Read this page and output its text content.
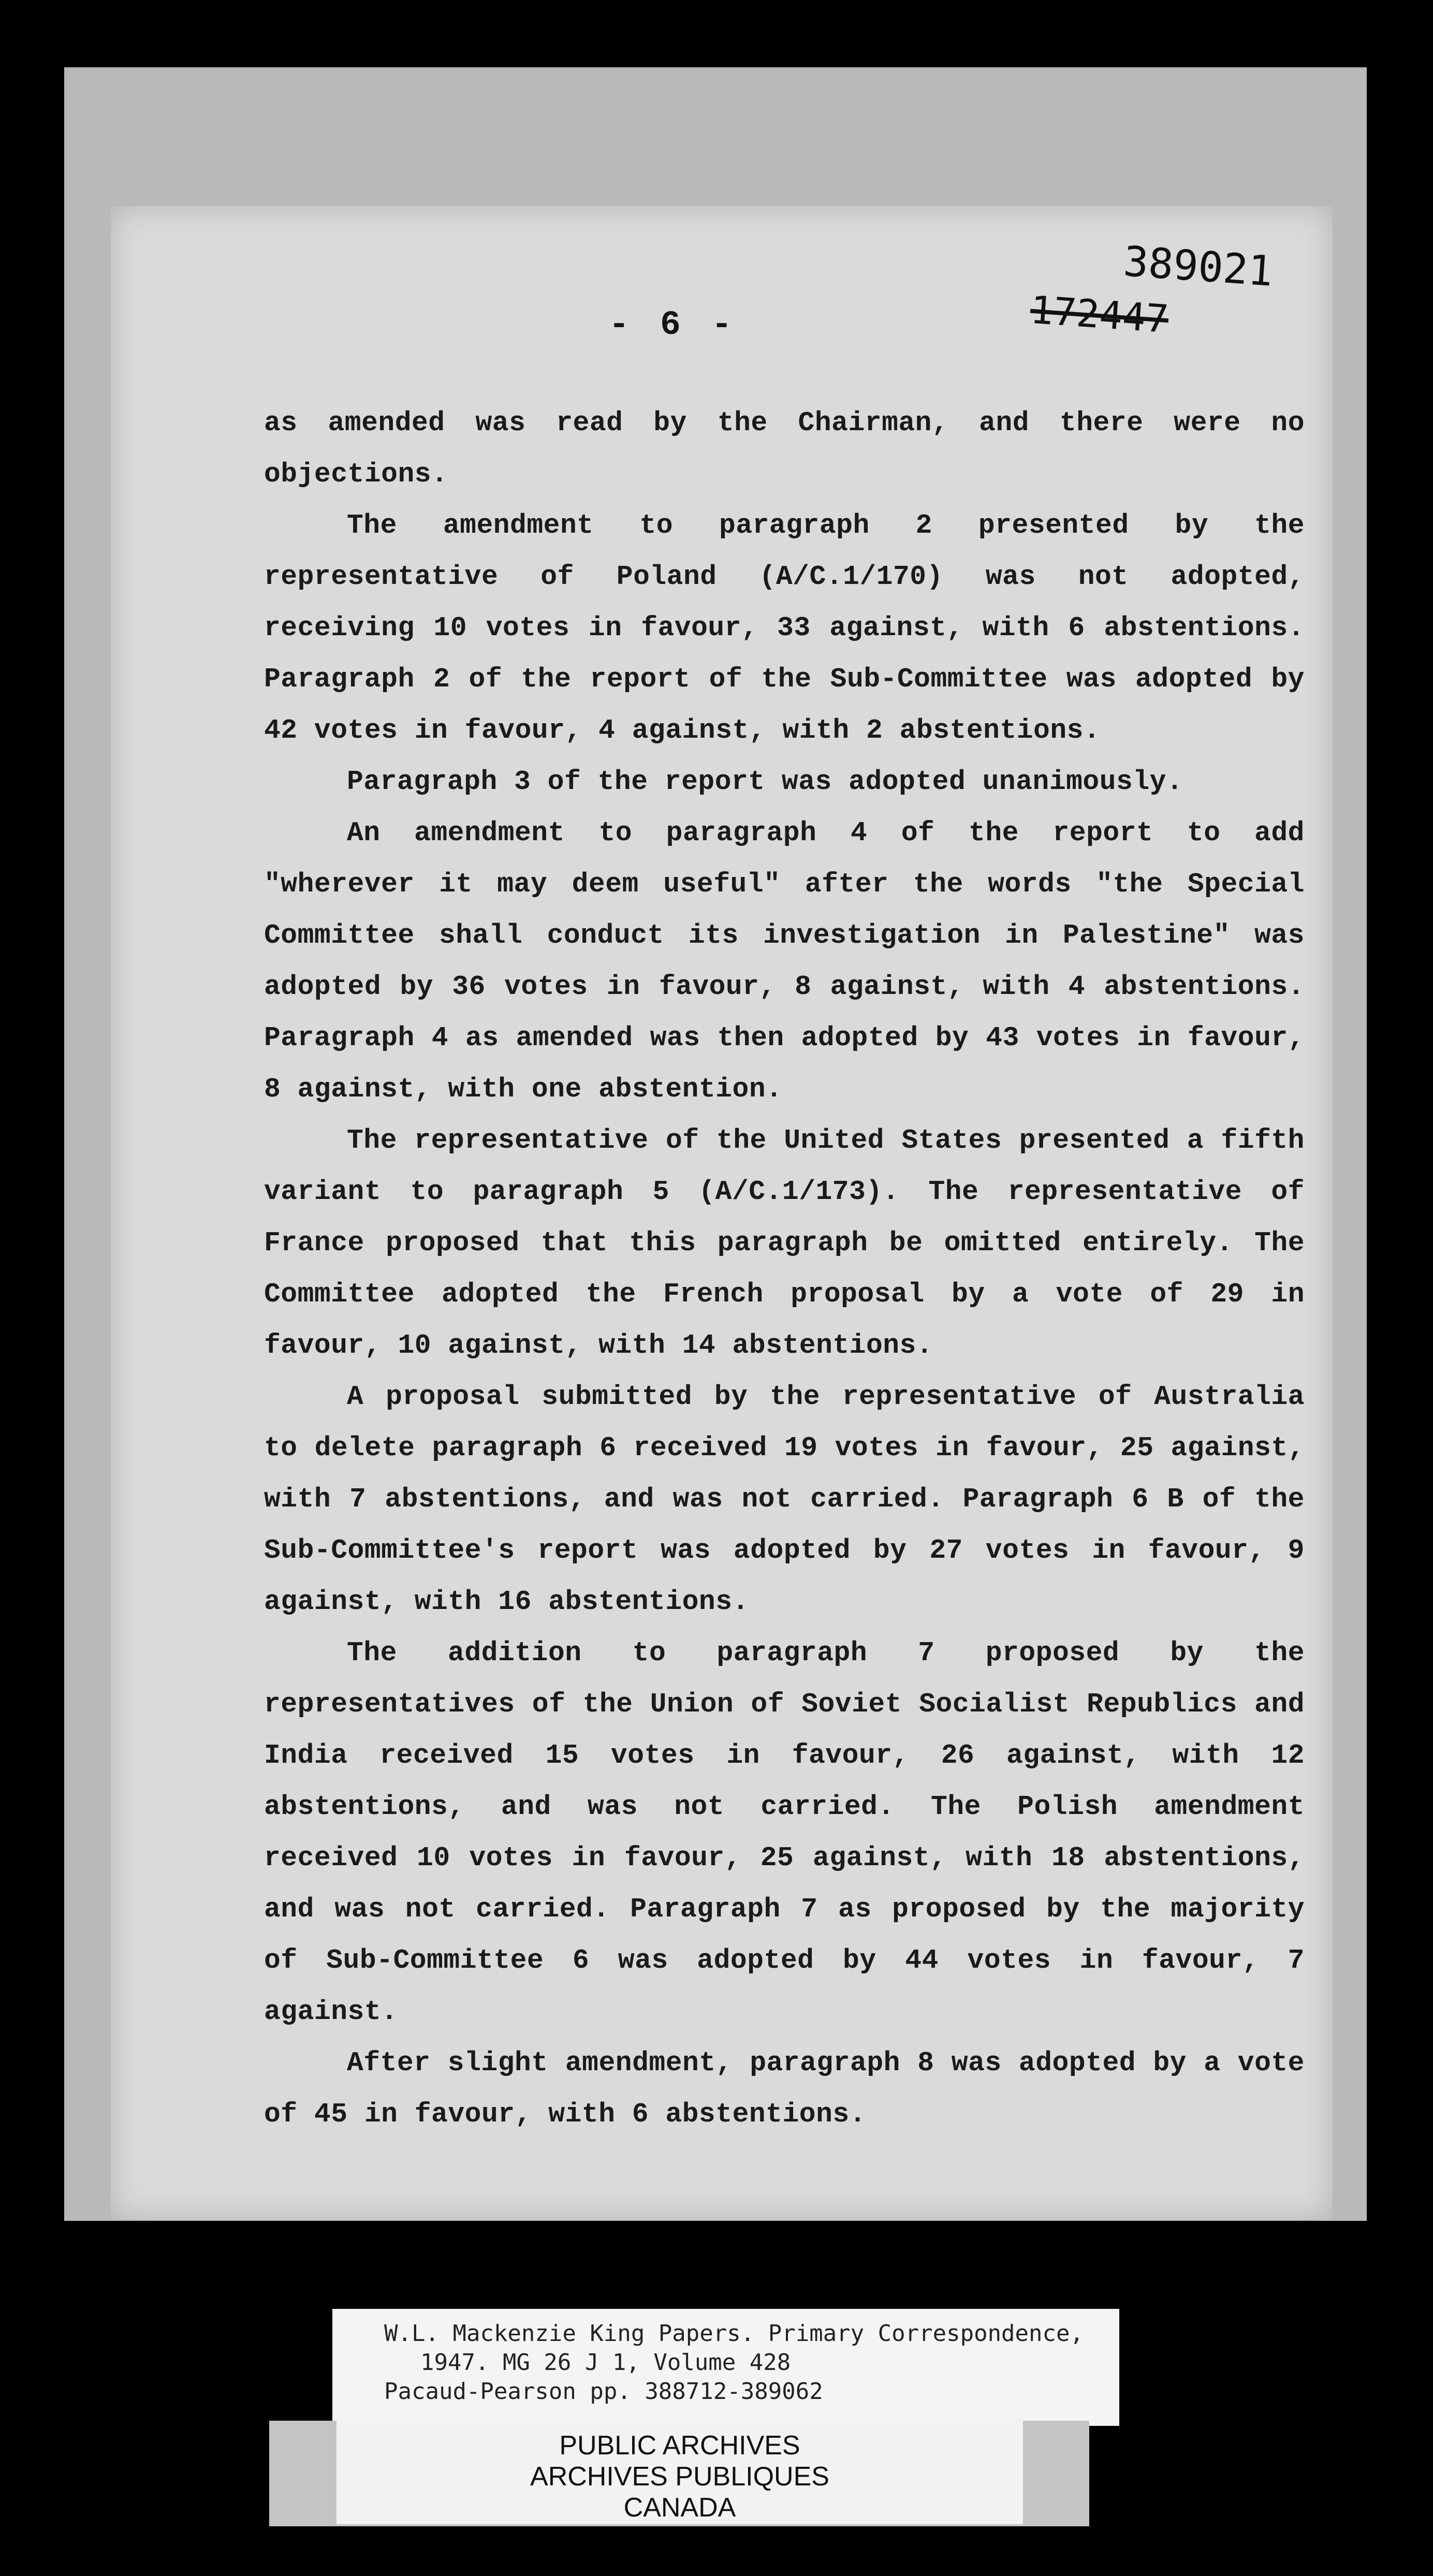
389021
172447
- 6 -

as amended was read by the Chairman, and there were no objections.

The amendment to paragraph 2 presented by the representative of Poland (A/C.1/170) was not adopted, receiving 10 votes in favour, 33 against, with 6 abstentions. Paragraph 2 of the report of the Sub-Committee was adopted by 42 votes in favour, 4 against, with 2 abstentions.

Paragraph 3 of the report was adopted unanimously.

An amendment to paragraph 4 of the report to add "wherever it may deem useful" after the words "the Special Committee shall conduct its investigation in Palestine" was adopted by 36 votes in favour, 8 against, with 4 abstentions. Paragraph 4 as amended was then adopted by 43 votes in favour, 8 against, with one abstention.

The representative of the United States presented a fifth variant to paragraph 5 (A/C.1/173). The representative of France proposed that this paragraph be omitted entirely. The Committee adopted the French proposal by a vote of 29 in favour, 10 against, with 14 abstentions.

A proposal submitted by the representative of Australia to delete paragraph 6 received 19 votes in favour, 25 against, with 7 abstentions, and was not carried. Paragraph 6 B of the Sub-Committee's report was adopted by 27 votes in favour, 9 against, with 16 abstentions.

The addition to paragraph 7 proposed by the representatives of the Union of Soviet Socialist Republics and India received 15 votes in favour, 26 against, with 12 abstentions, and was not carried. The Polish amendment received 10 votes in favour, 25 against, with 18 abstentions, and was not carried. Paragraph 7 as proposed by the majority of Sub-Committee 6 was adopted by 44 votes in favour, 7 against.

After slight amendment, paragraph 8 was adopted by a vote of 45 in favour, with 6 abstentions.

W.L. Mackenzie King Papers. Primary Correspondence,
1947. MG 26 J 1, Volume 428
Pacaud-Pearson pp. 388712-389062
PUBLIC ARCHIVES
ARCHIVES PUBLIQUES
CANADA
